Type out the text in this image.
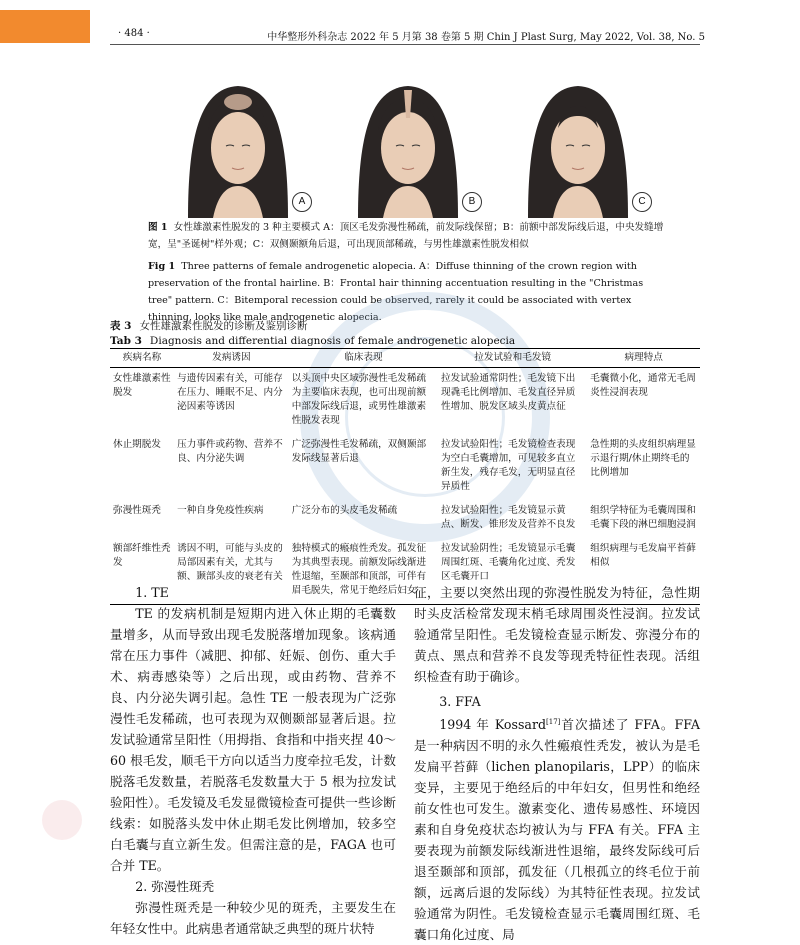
· 484 ·	中华整形外科杂志 2022 年 5 月第 38 卷第 5 期 Chin J Plast Surg, May 2022, Vol. 38, No. 5
A	B	C
图 1 女性雄激素性脱发的 3 种主要模式 A：顶区毛发弥漫性稀疏，前发际线保留；B：前额中部发际线后退，中央发缝增宽，呈"圣诞树"样外观；C：双侧颞额角后退，可出现顶部稀疏，与男性雄激素性脱发相似
Fig 1 Three patterns of female androgenetic alopecia. A：Diffuse thinning of the crown region with preservation of the frontal hairline. B：Frontal hair thinning accentuation resulting in the "Christmas tree" pattern. C：Bitemporal recession could be observed, rarely it could be associated with vertex thinning, looks like male androgenetic alopecia.
表 3 女性雄激素性脱发的诊断及鉴别诊断
Tab 3 Diagnosis and differential diagnosis of female androgenetic alopecia
疾病名称	发病诱因	临床表现	拉发试验和毛发镜	病理特点
女性雄激素性脱发	与遗传因素有关，可能存在压力、睡眠不足、内分泌因素等诱因	以头顶中央区域弥漫性毛发稀疏为主要临床表现，也可出现前额中部发际线后退，或男性雄激素性脱发表现	拉发试验通常阴性；毛发镜下出现毳毛比例增加、毛发直径异质性增加、脱发区域头皮黄点征	毛囊微小化，通常无毛周炎性浸润表现
休止期脱发	压力事件或药物、营养不良、内分泌失调	广泛弥漫性毛发稀疏，双侧颞部发际线显著后退	拉发试验阳性；毛发镜检查表现为空白毛囊增加，可见较多直立新生发，残存毛发，无明显直径异质性	急性期的头皮组织病理显示退行期/休止期终毛的比例增加
弥漫性斑秃	一种自身免疫性疾病	广泛分布的头皮毛发稀疏	拉发试验阳性；毛发镜显示黄点、断发、锥形发及营养不良发	组织学特征为毛囊周围和毛囊下段的淋巴细胞浸润
额部纤维性秃发	诱因不明，可能与头皮的局部因素有关，尤其与额、颞部头皮的衰老有关	独特模式的瘢痕性秃发。孤发征为其典型表现。前额发际线渐进性退缩，至颞部和顶部，可伴有眉毛脱失，常见于绝经后妇女	拉发试验阴性；毛发镜显示毛囊周围红斑、毛囊角化过度、秃发区毛囊开口	组织病理与毛发扁平苔藓相似

1. TE

TE 的发病机制是短期内进入休止期的毛囊数量增多，从而导致出现毛发脱落增加现象。该病通常在压力事件（减肥、抑郁、妊娠、创伤、重大手术、病毒感染等）之后出现，或由药物、营养不良、内分泌失调引起。急性 TE 一般表现为广泛弥漫性毛发稀疏，也可表现为双侧颞部显著后退。拉发试验通常呈阳性（用拇指、食指和中指夹捏 40～60 根毛发，顺毛干方向以适当力度牵拉毛发，计数脱落毛发数量，若脱落毛发数量大于 5 根为拉发试验阳性）。毛发镜及毛发显微镜检查可提供一些诊断线索：如脱落头发中休止期毛发比例增加，较多空白毛囊与直立新生发。但需注意的是，FAGA 也可合并 TE。

2. 弥漫性斑秃

弥漫性斑秃是一种较少见的斑秃，主要发生在年轻女性中。此病患者通常缺乏典型的斑片状特

征，主要以突然出现的弥漫性脱发为特征，急性期时头皮活检常发现末梢毛球周围炎性浸润。拉发试验通常呈阳性。毛发镜检查显示断发、弥漫分布的黄点、黑点和营养不良发等现秃特征性表现。活组织检查有助于确诊。

3. FFA

1994 年 Kossard[17]首次描述了 FFA。FFA 是一种病因不明的永久性瘢痕性秃发，被认为是毛发扁平苔藓（lichen planopilaris，LPP）的临床变异，主要见于绝经后的中年妇女，但男性和绝经前女性也可发生。激素变化、遗传易感性、环境因素和自身免疫状态均被认为与 FFA 有关。FFA 主要表现为前额发际线渐进性退缩，最终发际线可后退至颞部和顶部，孤发征（几根孤立的终毛位于前额，远离后退的发际线）为其特征性表现。拉发试验通常为阴性。毛发镜检查显示毛囊周围红斑、毛囊口角化过度、局
